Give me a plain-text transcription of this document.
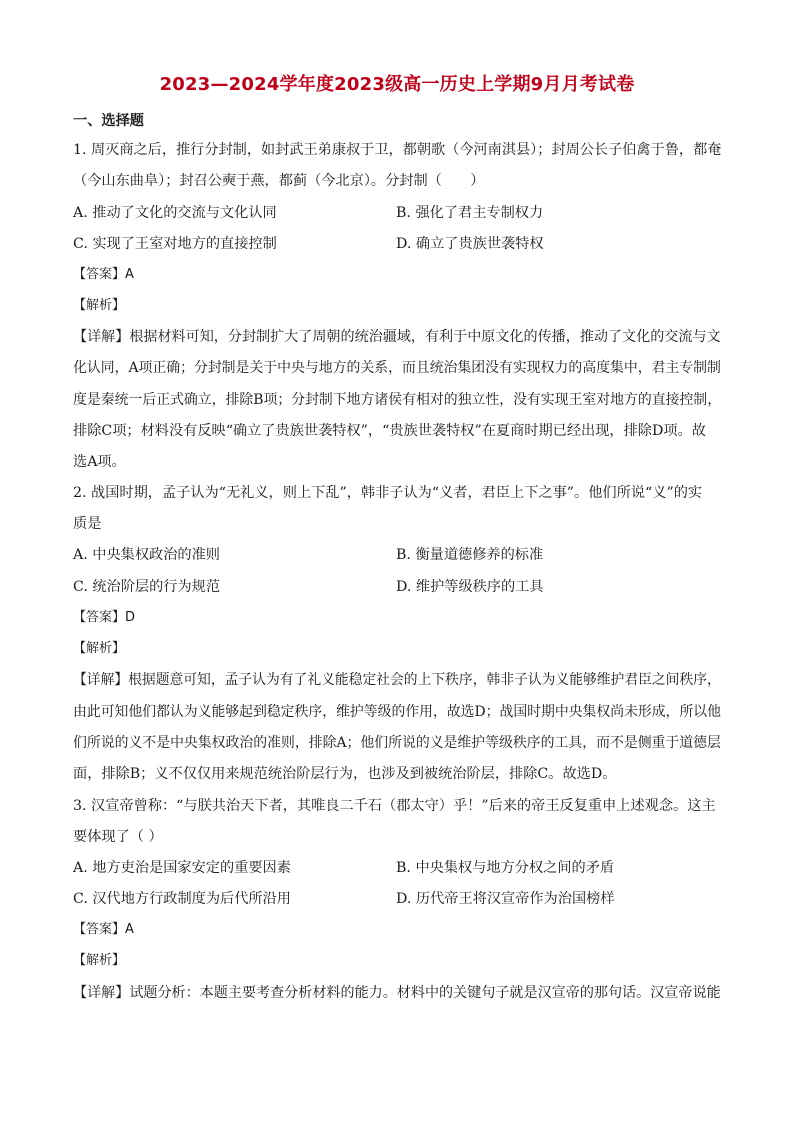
2023—2024学年度2023级高一历史上学期9月月考试卷
一、选择题
1. 周灭商之后，推行分封制，如封武王弟康叔于卫，都朝歌（今河南淇县）；封周公长子伯禽于鲁，都奄
（今山东曲阜）；封召公奭于燕，都蓟（今北京）。分封制（　　）
A. 推动了文化的交流与文化认同	B. 强化了君主专制权力
C. 实现了王室对地方的直接控制	D. 确立了贵族世袭特权
【答案】A
【解析】
【详解】根据材料可知，分封制扩大了周朝的统治疆域，有利于中原文化的传播，推动了文化的交流与文
化认同，A项正确；分封制是关于中央与地方的关系，而且统治集团没有实现权力的高度集中，君主专制制
度是秦统一后正式确立，排除B项；分封制下地方诸侯有相对的独立性，没有实现王室对地方的直接控制，
排除C项；材料没有反映“确立了贵族世袭特权”，“贵族世袭特权”在夏商时期已经出现，排除D项。故
选A项。
2. 战国时期，孟子认为“无礼义，则上下乱”，韩非子认为“义者，君臣上下之事”。他们所说“义”的实
质是
A. 中央集权政治的准则	B. 衡量道德修养的标准
C. 统治阶层的行为规范	D. 维护等级秩序的工具
【答案】D
【解析】
【详解】根据题意可知，孟子认为有了礼义能稳定社会的上下秩序，韩非子认为义能够维护君臣之间秩序，
由此可知他们都认为义能够起到稳定秩序，维护等级的作用，故选D；战国时期中央集权尚未形成，所以他
们所说的义不是中央集权政治的准则，排除A；他们所说的义是维护等级秩序的工具，而不是侧重于道德层
面，排除B；义不仅仅用来规范统治阶层行为，也涉及到被统治阶层，排除C。故选D。
3. 汉宣帝曾称：“与朕共治天下者，其唯良二千石（郡太守）乎！”后来的帝王反复重申上述观念。这主
要体现了（ ）
A. 地方吏治是国家安定的重要因素	B. 中央集权与地方分权之间的矛盾
C. 汉代地方行政制度为后代所沿用	D. 历代帝王将汉宣帝作为治国榜样
【答案】A
【解析】
【详解】试题分析：本题主要考查分析材料的能力。材料中的关键句子就是汉宣帝的那句话。汉宣帝说能
